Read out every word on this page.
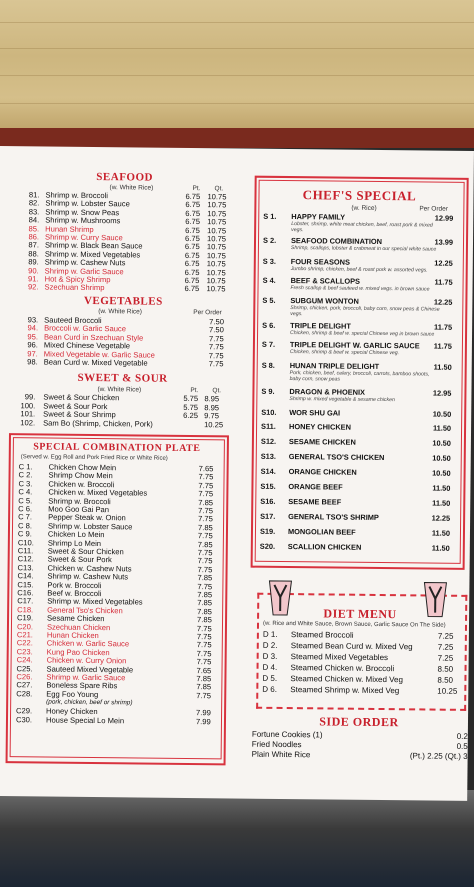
SEAFOOD
(w. White Rice)	Pt. Qt.
81. Shrimp w. Broccoli	6.75 10.75
82. Shrimp w. Lobster Sauce	6.75 10.75
83. Shrimp w. Snow Peas	6.75 10.75
84. Shrimp w. Mushrooms	6.75 10.75
85. Hunan Shrimp	6.75 10.75
86. Shrimp w. Curry Sauce	6.75 10.75
87. Shrimp w. Black Bean Sauce	6.75 10.75
88. Shrimp w. Mixed Vegetables	6.75 10.75
89. Shrimp w. Cashew Nuts	6.75 10.75
90. Shrimp w. Garlic Sauce	6.75 10.75
91. Hot & Spicy Shrimp	6.75 10.75
92. Szechuan Shrimp	6.75 10.75
VEGETABLES
(w. White Rice)	Per Order
93. Sauteed Broccoli	7.50
94. Broccoli w. Garlic Sauce	7.50
95. Bean Curd in Szechuan Style	7.75
96. Mixed Chinese Vegetable	7.75
97. Mixed Vegetable w. Garlic Sauce	7.75
98. Bean Curd w. Mixed Vegetable	7.75
SWEET & SOUR
(w. White Rice)	Pt. Qt.
99. Sweet & Sour Chicken	5.75 8.95
100. Sweet & Sour Pork	5.75 8.95
101. Sweet & Sour Shrimp	6.25 9.75
102. Sam Bo (Shrimp, Chicken, Pork)	10.25
SPECIAL COMBINATION PLATE
(Served w. Egg Roll and Pork Fried Rice or White Rice)
C 1. Chicken Chow Mein	7.65
C 2. Shrimp Chow Mein	7.75
C 3. Chicken w. Broccoli	7.75
C 4. Chicken w. Mixed Vegetables	7.75
C 5. Shrimp w. Broccoli	7.85
C 6. Moo Goo Gai Pan	7.75
C 7. Pepper Steak w. Onion	7.75
C 8. Shrimp w. Lobster Sauce	7.85
C 9. Chicken Lo Mein	7.75
C10. Shrimp Lo Mein	7.85
C11. Sweet & Sour Chicken	7.75
C12. Sweet & Sour Pork	7.75
C13. Chicken w. Cashew Nuts	7.75
C14. Shrimp w. Cashew Nuts	7.85
C15. Pork w. Broccoli	7.75
C16. Beef w. Broccoli	7.85
C17. Shrimp w. Mixed Vegetables	7.85
C18. General Tso's Chicken	7.85
C19. Sesame Chicken	7.85
C20. Szechuan Chicken	7.75
C21. Hunan Chicken	7.75
C22. Chicken w. Garlic Sauce	7.75
C23. Kung Pao Chicken	7.75
C24. Chicken w. Curry Onion	7.75
C25. Sauteed Mixed Vegetable	7.65
C26. Shrimp w. Garlic Sauce	7.85
C27. Boneless Spare Ribs	7.85
C28. Egg Foo Young	7.75
(pork, chicken, beef or shrimp)
C29. Honey Chicken	7.99
C30. House Special Lo Mein	7.99
CHEF'S SPECIAL
(w. Rice)	Per Order
S 1. HAPPY FAMILY	12.99
Lobster, shrimp, white meat chicken, beef, roast pork & mixed vegs.
S 2. SEAFOOD COMBINATION	13.99
Shrimp, scallops, lobster & crabmeat in our special white sauce
S 3. FOUR SEASONS	12.25
Jumbo shrimp, chicken, beef & roast pork w. assorted vegs.
S 4. BEEF & SCALLOPS	11.75
Fresh scallop & beef sauteed w. mixed vegs. in brown sauce
S 5. SUBGUM WONTON	12.25
Shrimp, chicken, pork, broccoli, baby corn, snow peas & Chinese vegs.
S 6. TRIPLE DELIGHT	11.75
Chicken, shrimp & beef w. special Chinese veg in brown sauce
S 7. TRIPLE DELIGHT W. GARLIC SAUCE 11.75
Chicken, shrimp & beef w. special Chinese veg.
S 8. HUNAN TRIPLE DELIGHT	11.50
Pork, chicken, beef, celery, broccoli, carrots, bamboo shoots, baby corn, snow peas
S 9. DRAGON & PHOENIX	12.95
Shrimp w. mixed vegetable & sesame chicken
S10. WOR SHU GAI	10.50
S11. HONEY CHICKEN	11.50
S12. SESAME CHICKEN	10.50
S13. GENERAL TSO'S CHICKEN	10.50
S14. ORANGE CHICKEN	10.50
S15. ORANGE BEEF	11.50
S16. SESAME BEEF	11.50
S17. GENERAL TSO'S SHRIMP	12.25
S19. MONGOLIAN BEEF	11.50
S20. SCALLION CHICKEN	11.50
DIET MENU
(w. Rice and White Sauce, Brown Sauce, Garlic Sauce On The Side)
D 1. Steamed Broccoli	7.25
D 2. Steamed Bean Curd w. Mixed Veg	7.25
D 3. Steamed Mixed Vegetables	7.25
D 4. Steamed Chicken w. Broccoli	8.50
D 5. Steamed Chicken w. Mixed Veg	8.50
D 6. Steamed Shrimp w. Mixed Veg	10.25
SIDE ORDER
Fortune Cookies (1)	0.2
Fried Noodles	0.5
Plain White Rice	(Pt.) 2.25 (Qt.) 3
